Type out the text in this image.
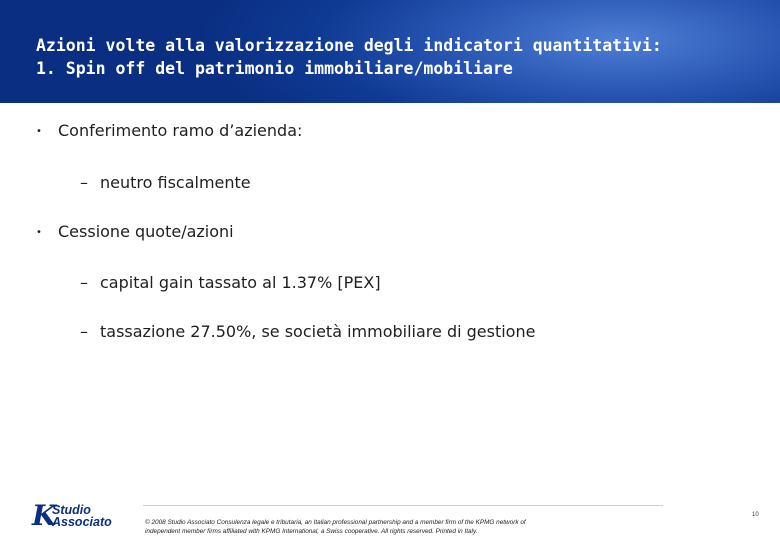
Azioni volte alla valorizzazione degli indicatori quantitativi:
1. Spin off del patrimonio immobiliare/mobiliare
• Conferimento ramo d’azienda:
– neutro fiscalmente
• Cessione quote/azioni
– capital gain tassato al 1.37% [PEX]
– tassazione 27.50%, se società immobiliare di gestione
K
Studio
Associato	© 2008 Studio Associato Consulenza legale e tributaria, an Italian professional partnership and a member firm of the KPMG network of
independent member firms affiliated with KPMG International, a Swiss cooperative. All rights reserved. Printed in Italy.
10
